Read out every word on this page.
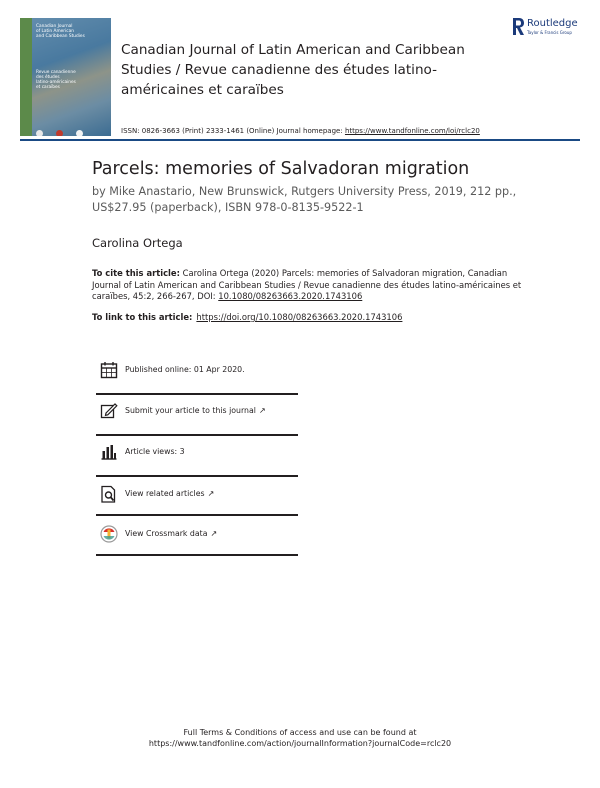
Canadian Journal
of Latin American
and Caribbean Studies
Revue canadienne
des études
latino-américaines
et caraïbes

Canadian Journal of Latin American and Caribbean
Studies / Revue canadienne des études latino-
américaines et caraïbes
Routledge
Taylor & Francis Group
ISSN: 0826-3663 (Print) 2333-1461 (Online) Journal homepage: https://www.tandfonline.com/loi/rclc20
Parcels: memories of Salvadoran migration
by Mike Anastario, New Brunswick, Rutgers University Press, 2019, 212 pp.,
US$27.95 (paperback), ISBN 978-0-8135-9522-1
Carolina Ortega
To cite this article: Carolina Ortega (2020) Parcels: memories of Salvadoran migration, Canadian Journal of Latin American and Caribbean Studies / Revue canadienne des études latino-américaines et caraïbes, 45:2, 266-267, DOI: 10.1080/08263663.2020.1743106
To link to this article: https://doi.org/10.1080/08263663.2020.1743106
Published online: 01 Apr 2020.
Submit your article to this journal ↗
Article views: 3
View related articles ↗
View Crossmark data ↗
Full Terms & Conditions of access and use can be found at
https://www.tandfonline.com/action/journalInformation?journalCode=rclc20
